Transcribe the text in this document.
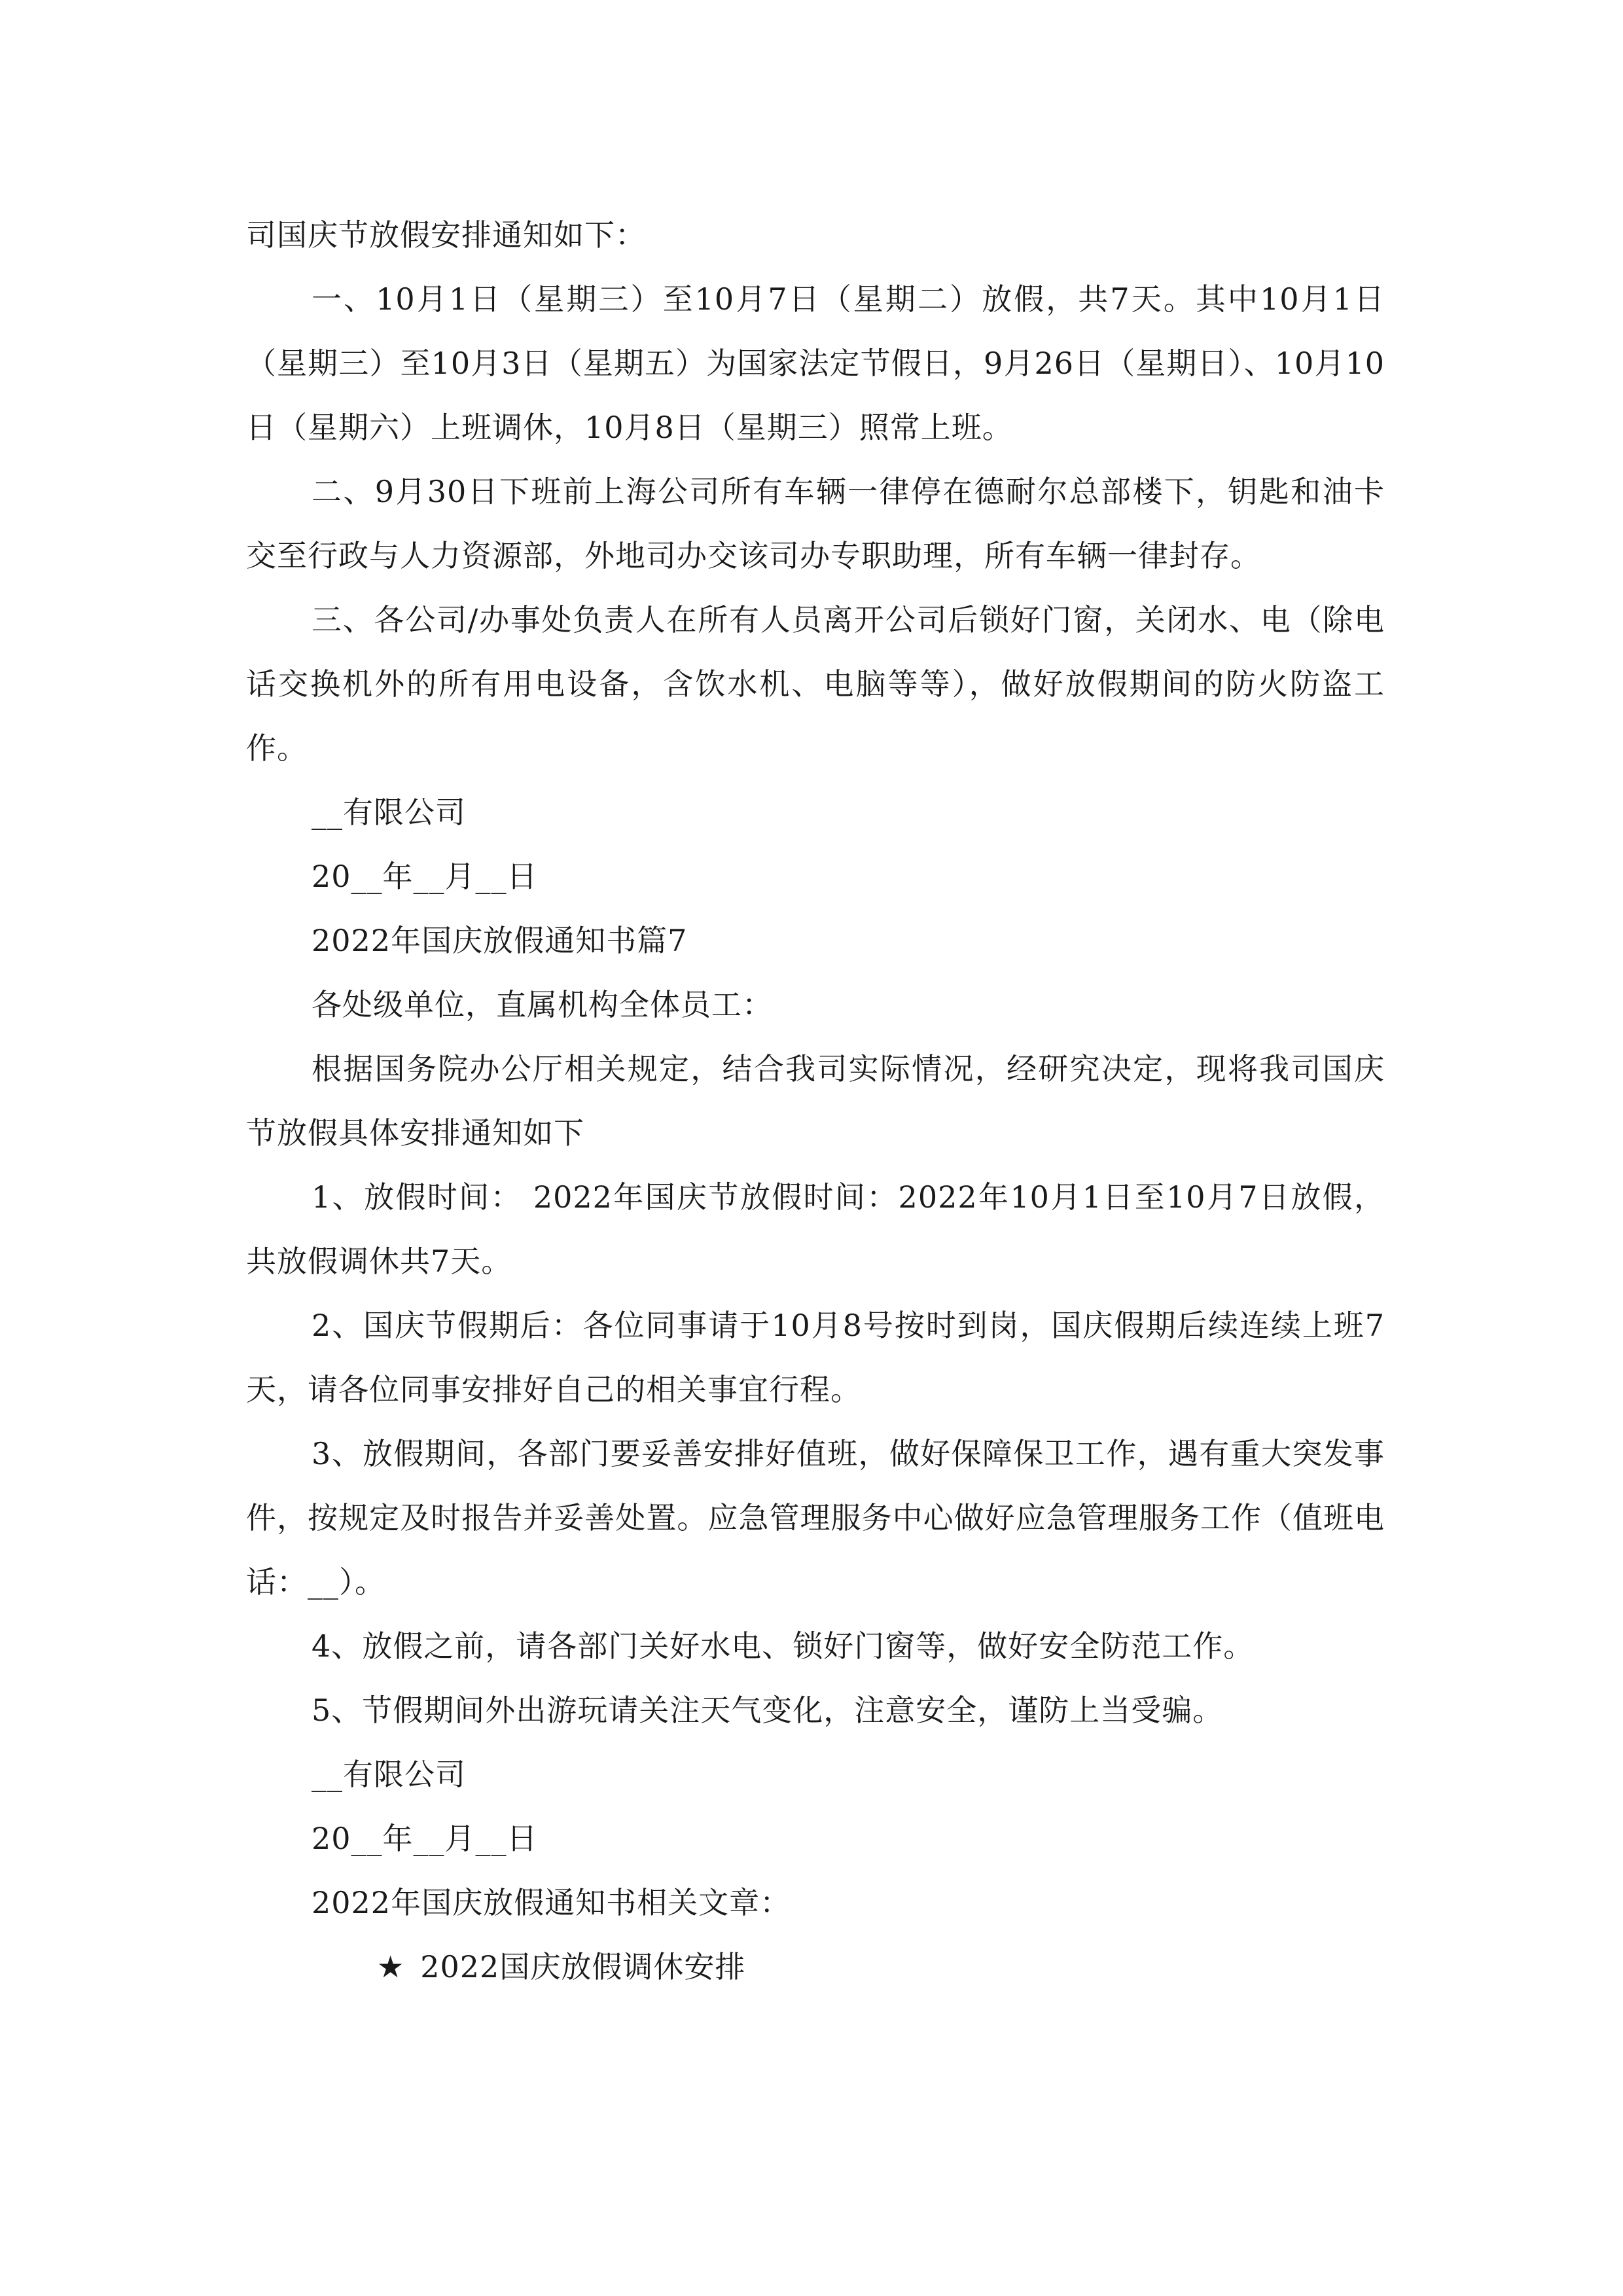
司国庆节放假安排通知如下：

一、10月1日（星期三）至10月7日（星期二）放假，共7天。其中10月1日（星期三）至10月3日（星期五）为国家法定节假日，9月26日（星期日）、10月10日（星期六）上班调休，10月8日（星期三）照常上班。

二、9月30日下班前上海公司所有车辆一律停在德耐尔总部楼下，钥匙和油卡交至行政与人力资源部，外地司办交该司办专职助理，所有车辆一律封存。

三、各公司/办事处负责人在所有人员离开公司后锁好门窗，关闭水、电（除电话交换机外的所有用电设备，含饮水机、电脑等等），做好放假期间的防火防盗工作。

__有限公司

20__年__月__日

2022年国庆放假通知书篇7

各处级单位，直属机构全体员工：

根据国务院办公厅相关规定，结合我司实际情况，经研究决定，现将我司国庆节放假具体安排通知如下

1、放假时间： 2022年国庆节放假时间：2022年10月1日至10月7日放假，共放假调休共7天。

2、国庆节假期后：各位同事请于10月8号按时到岗，国庆假期后续连续上班7天，请各位同事安排好自己的相关事宜行程。

3、放假期间，各部门要妥善安排好值班，做好保障保卫工作，遇有重大突发事件，按规定及时报告并妥善处置。应急管理服务中心做好应急管理服务工作（值班电话：__）。

4、放假之前，请各部门关好水电、锁好门窗等，做好安全防范工作。

5、节假期间外出游玩请关注天气变化，注意安全，谨防上当受骗。

__有限公司

20__年__月__日

2022年国庆放假通知书相关文章：

★ 2022国庆放假调休安排
